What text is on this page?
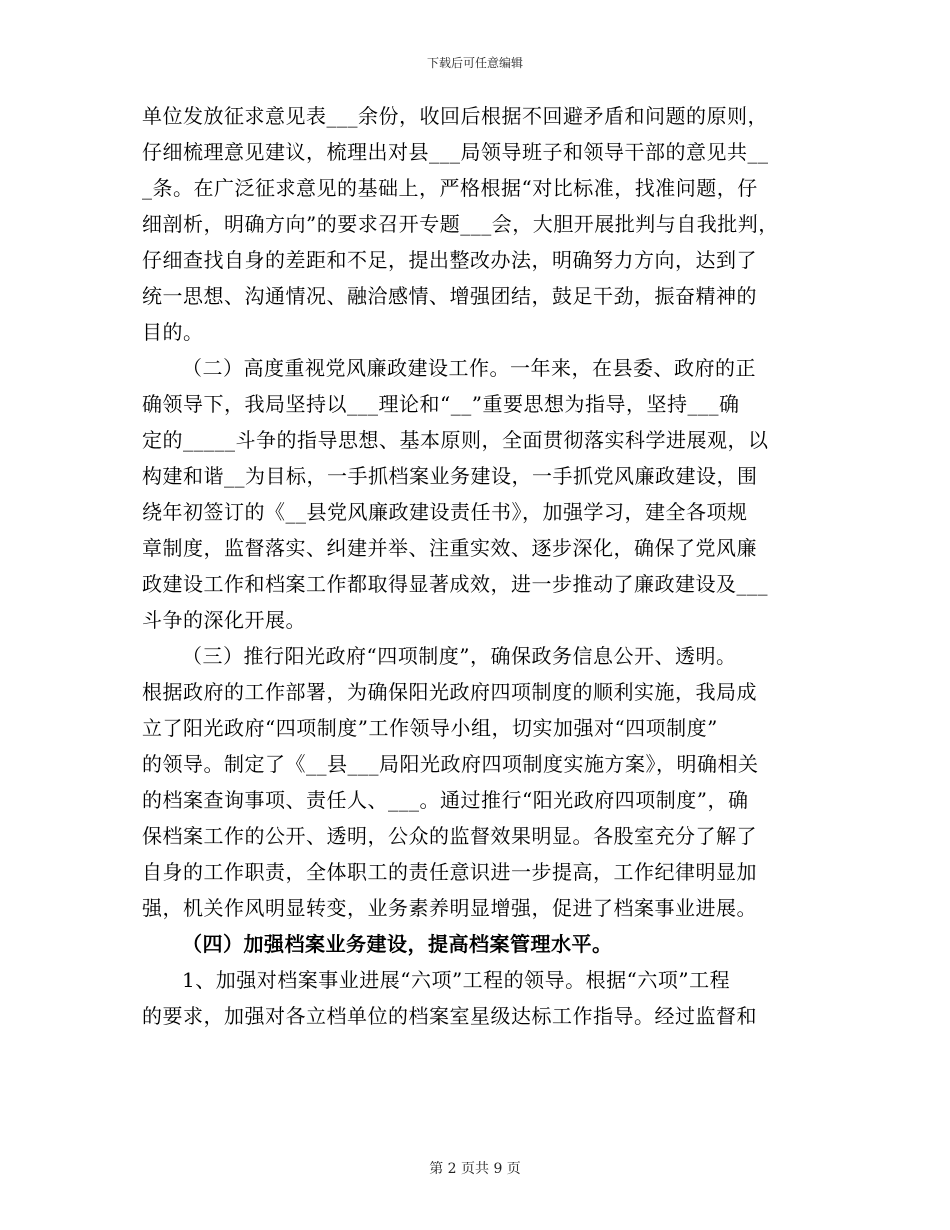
下载后可任意编辑
单位发放征求意见表___余份，收回后根据不回避矛盾和问题的原则，
仔细梳理意见建议，梳理出对县___局领导班子和领导干部的意见共__
_条。在广泛征求意见的基础上，严格根据“对比标准，找准问题，仔
细剖析，明确方向”的要求召开专题___会，大胆开展批判与自我批判，
仔细查找自身的差距和不足，提出整改办法，明确努力方向，达到了
统一思想、沟通情况、融洽感情、增强团结，鼓足干劲，振奋精神的
目的。
（二）高度重视党风廉政建设工作。一年来，在县委、政府的正
确领导下，我局坚持以___理论和“__”重要思想为指导，坚持___确
定的_____斗争的指导思想、基本原则，全面贯彻落实科学进展观，以
构建和谐__为目标，一手抓档案业务建设，一手抓党风廉政建设，围
绕年初签订的《__县党风廉政建设责任书》，加强学习，建全各项规
章制度，监督落实、纠建并举、注重实效、逐步深化，确保了党风廉
政建设工作和档案工作都取得显著成效，进一步推动了廉政建设及___
斗争的深化开展。
（三）推行阳光政府“四项制度”，确保政务信息公开、透明。
根据政府的工作部署，为确保阳光政府四项制度的顺利实施，我局成
立了阳光政府“四项制度”工作领导小组，切实加强对“四项制度”
的领导。制定了《__县___局阳光政府四项制度实施方案》，明确相关
的档案查询事项、责任人、___。通过推行“阳光政府四项制度”，确
保档案工作的公开、透明，公众的监督效果明显。各股室充分了解了
自身的工作职责，全体职工的责任意识进一步提高，工作纪律明显加
强，机关作风明显转变，业务素养明显增强，促进了档案事业进展。
（四）加强档案业务建设，提高档案管理水平。
1、加强对档案事业进展“六项”工程的领导。根据“六项”工程
的要求，加强对各立档单位的档案室星级达标工作指导。经过监督和
第 2 页共 9 页
